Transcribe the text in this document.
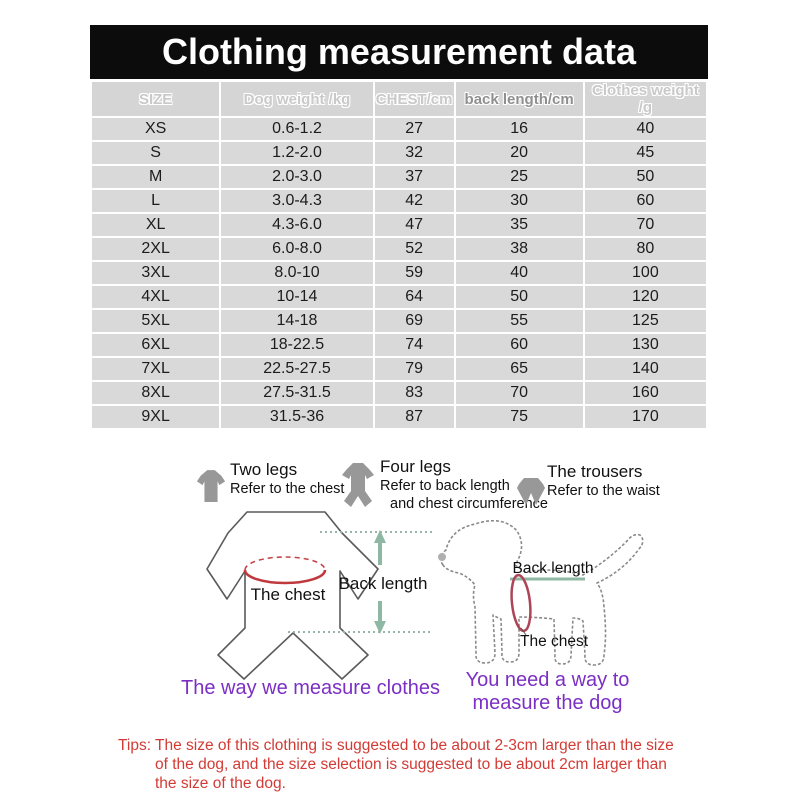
Clothing measurement data
SIZE	Dog weight /kg	CHEST/cm	back length/cm	Clothes weight /g
XS	0.6-1.2	27	16	40
S	1.2-2.0	32	20	45
M	2.0-3.0	37	25	50
L	3.0-4.3	42	30	60
XL	4.3-6.0	47	35	70
2XL	6.0-8.0	52	38	80
3XL	8.0-10	59	40	100
4XL	10-14	64	50	120
5XL	14-18	69	55	125
6XL	18-22.5	74	60	130
7XL	22.5-27.5	79	65	140
8XL	27.5-31.5	83	70	160
9XL	31.5-36	87	75	170
Two legs
Refer to the chest
Four legs
Refer to back length
and chest circumference
The trousers
Refer to the waist
The chest
Back length
Back length
The chest
The way we measure clothes	You need a way to
measure the dog
Tips: The size of this clothing is suggested to be about 2-3cm larger than the size
of the dog, and the size selection is suggested to be about 2cm larger than
the size of the dog.
